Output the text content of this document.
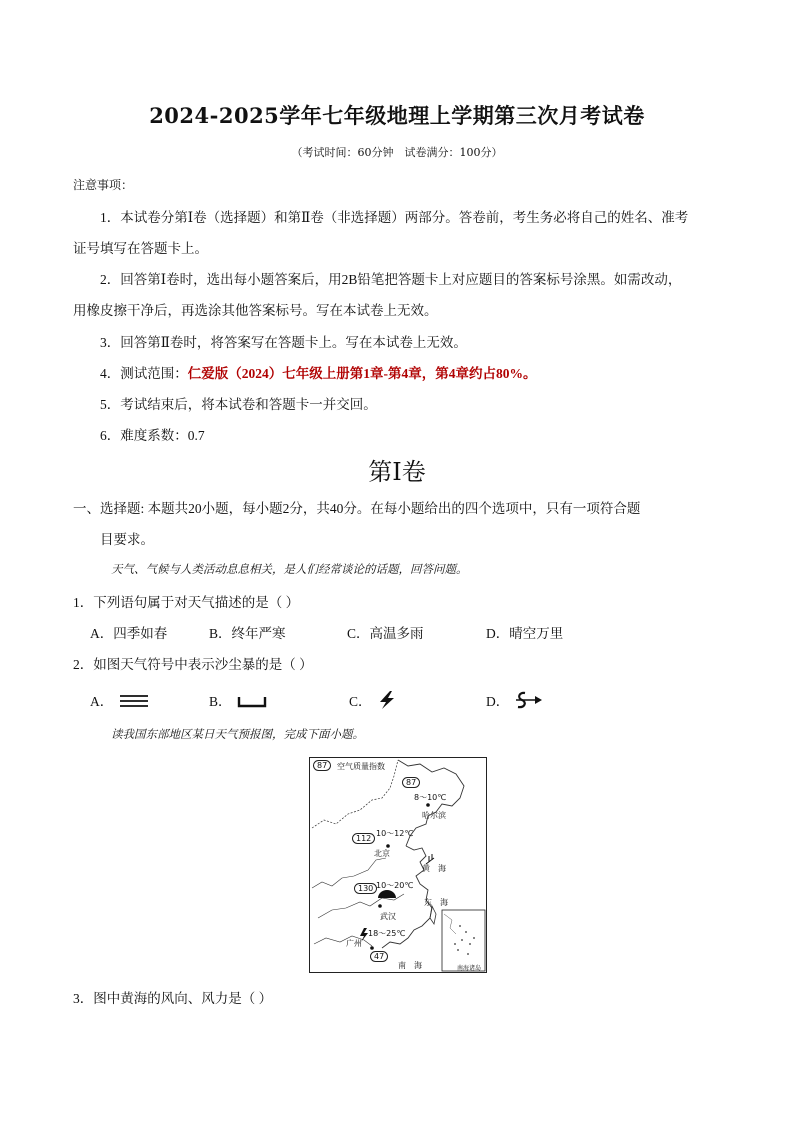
2024-2025学年七年级地理上学期第三次月考试卷
（考试时间：60分钟　试卷满分：100分）
注意事项：
1．本试卷分第Ⅰ卷（选择题）和第Ⅱ卷（非选择题）两部分。答卷前，考生务必将自己的姓名、准考
证号填写在答题卡上。
2．回答第Ⅰ卷时，选出每小题答案后，用2B铅笔把答题卡上对应题目的答案标号涂黑。如需改动，
用橡皮擦干净后，再选涂其他答案标号。写在本试卷上无效。
3．回答第Ⅱ卷时，将答案写在答题卡上。写在本试卷上无效。
4．测试范围：仁爱版（2024）七年级上册第1章-第4章，第4章约占80%。
5．考试结束后，将本试卷和答题卡一并交回。
6．难度系数：0.7
第Ⅰ卷
一、选择题: 本题共20小题，每小题2分，共40分。在每小题给出的四个选项中，只有一项符合题
目要求。
天气、气候与人类活动息息相关，是人们经常谈论的话题，回答问题。
1．下列语句属于对天气描述的是（ ）
A．四季如春	B．终年严寒	C．高温多雨	D．晴空万里
2．如图天气符号中表示沙尘暴的是（ ）
A．	B．	C．	D．
读我国东部地区某日天气预报图，完成下面小题。
87	空气质量指数
87
8～10℃
哈尔滨
112
10～12℃
北京
黄　海
130 10～20℃
武汉
东　海
18～25℃
广州
47
南　海	南海诸岛
3．图中黄海的风向、风力是（ ）
